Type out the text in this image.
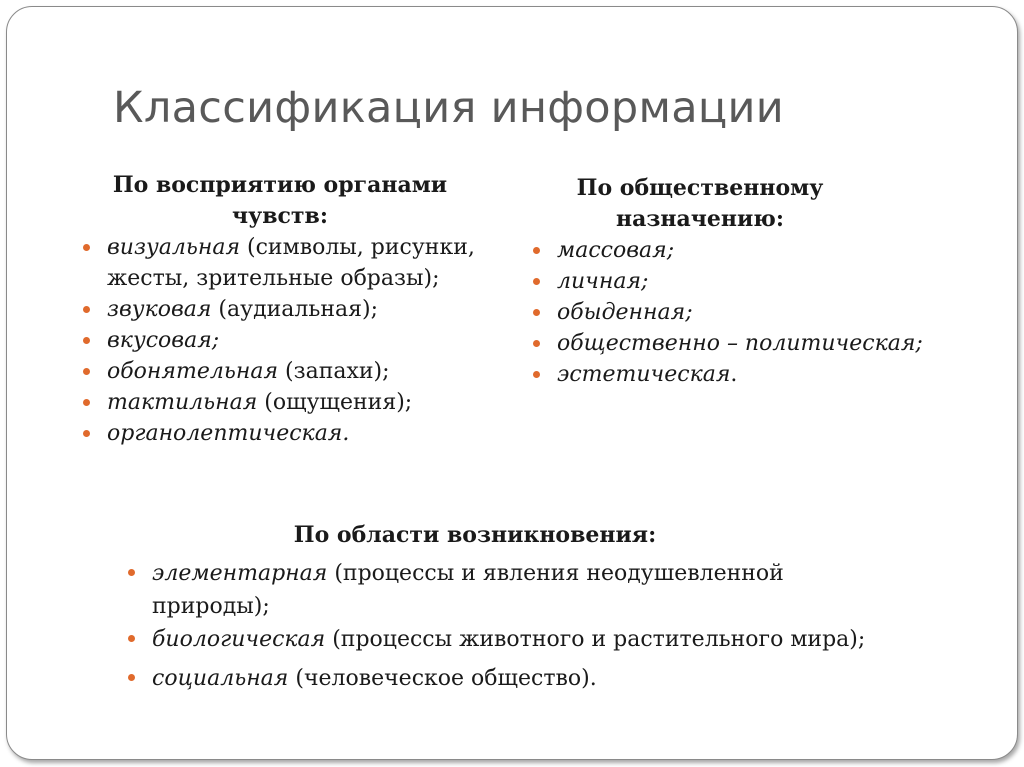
Классификация информации
По восприятию органами чувств:
визуальная (символы, рисунки, жесты, зрительные образы);
звуковая (аудиальная);
вкусовая;
обонятельная (запахи);
тактильная (ощущения);
органолептическая.
По общественному назначению:
массовая;
личная;
обыденная;
общественно – политическая;
эстетическая.
По области возникновения:
элементарная (процессы и явления неодушевленной природы);
биологическая (процессы животного и растительного мира);
социальная (человеческое общество).
